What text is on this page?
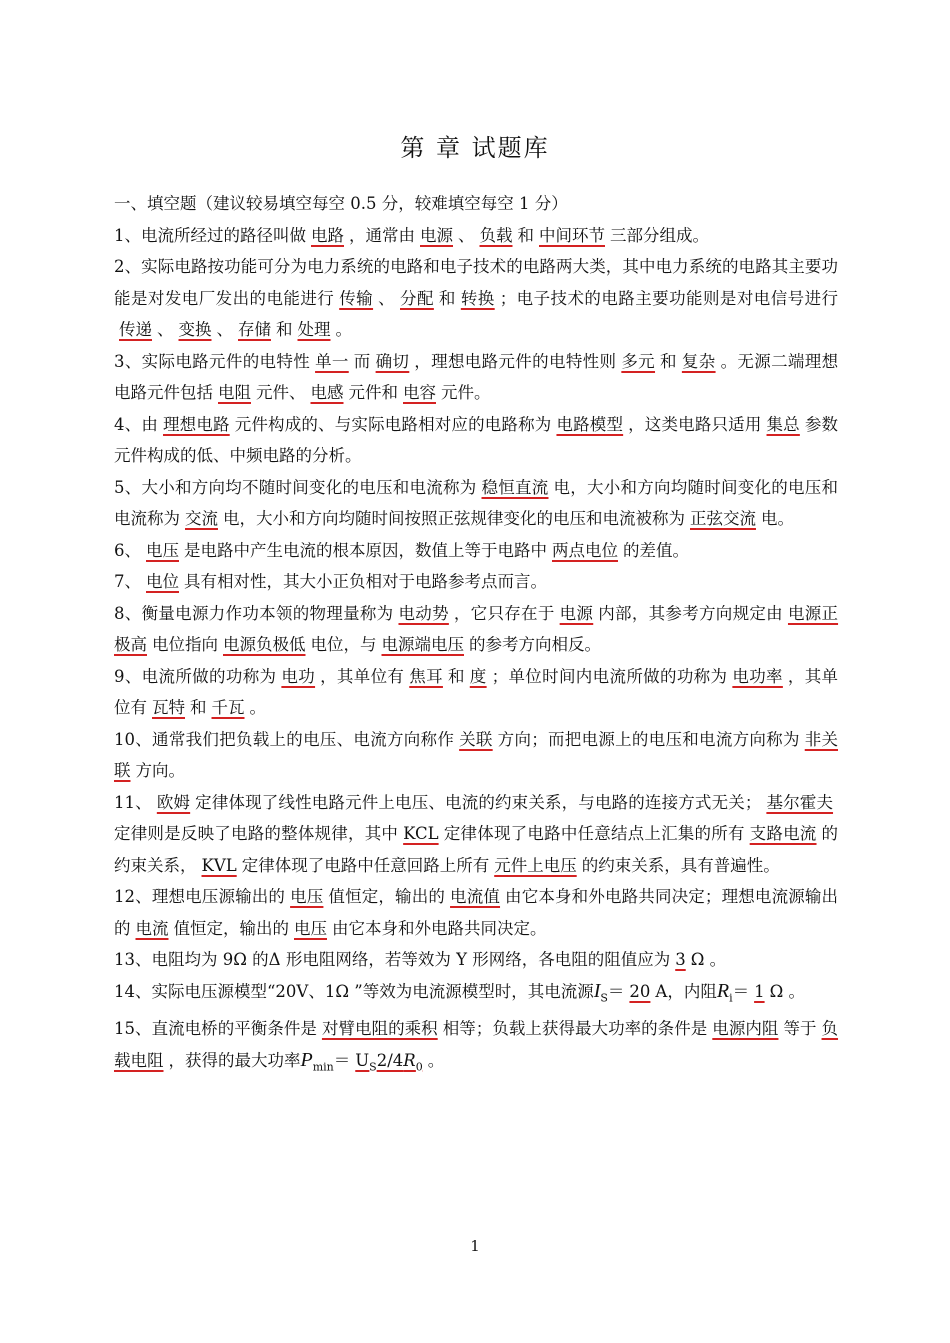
第 章 试题库

一、填空题（建议较易填空每空 0.5 分，较难填空每空 1 分）

1、电流所经过的路径叫做 电路 ，通常由 电源 、 负载 和 中间环节 三部分组成。

2、实际电路按功能可分为电力系统的电路和电子技术的电路两大类，其中电力系统的电路其主要功能是对发电厂发出的电能进行 传输 、 分配 和 转换 ；电子技术的电路主要功能则是对电信号进行传递 、 变换 、 存储 和 处理 。

3、实际电路元件的电特性 单一 而 确切 ，理想电路元件的电特性则 多元 和 复杂 。无源二端理想电路元件包括 电阻 元件、 电感 元件和 电容 元件。

4、由 理想电路 元件构成的、与实际电路相对应的电路称为 电路模型 ，这类电路只适用 集总 参数元件构成的低、中频电路的分析。

5、大小和方向均不随时间变化的电压和电流称为 稳恒直流 电，大小和方向均随时间变化的电压和电流称为 交流 电，大小和方向均随时间按照正弦规律变化的电压和电流被称为 正弦交流 电。

6、 电压 是电路中产生电流的根本原因，数值上等于电路中 两点电位 的差值。

7、 电位 具有相对性，其大小正负相对于电路参考点而言。

8、衡量电源力作功本领的物理量称为 电动势 ，它只存在于 电源 内部，其参考方向规定由 电源正极高 电位指向 电源负极低 电位，与 电源端电压 的参考方向相反。

9、电流所做的功称为 电功 ，其单位有 焦耳 和 度 ；单位时间内电流所做的功称为 电功率 ，其单位有 瓦特 和 千瓦 。

10、通常我们把负载上的电压、电流方向称作 关联 方向；而把电源上的电压和电流方向称为 非关联 方向。

11、 欧姆 定律体现了线性电路元件上电压、电流的约束关系，与电路的连接方式无关； 基尔霍夫定律则是反映了电路的整体规律，其中 KCL 定律体现了电路中任意结点上汇集的所有 支路电流 的约束关系， KVL 定律体现了电路中任意回路上所有 元件上电压 的约束关系，具有普遍性。

12、理想电压源输出的 电压 值恒定，输出的 电流值 由它本身和外电路共同决定；理想电流源输出的 电流 值恒定，输出的 电压 由它本身和外电路共同决定。

13、电阻均为 9Ω 的Δ 形电阻网络，若等效为 Y 形网络，各电阻的阻值应为 3 Ω 。

14、实际电压源模型“20V、1Ω ”等效为电流源模型时，其电流源$I_S= 20$ A，内阻$R_i= 1$ Ω 。

15、直流电桥的平衡条件是 对臂电阻的乘积 相等；负载上获得最大功率的条件是 电源内阻 等于 负载电阻 ，获得的最大功率$P_{min}= U_S2/4R_0$ 。

1
